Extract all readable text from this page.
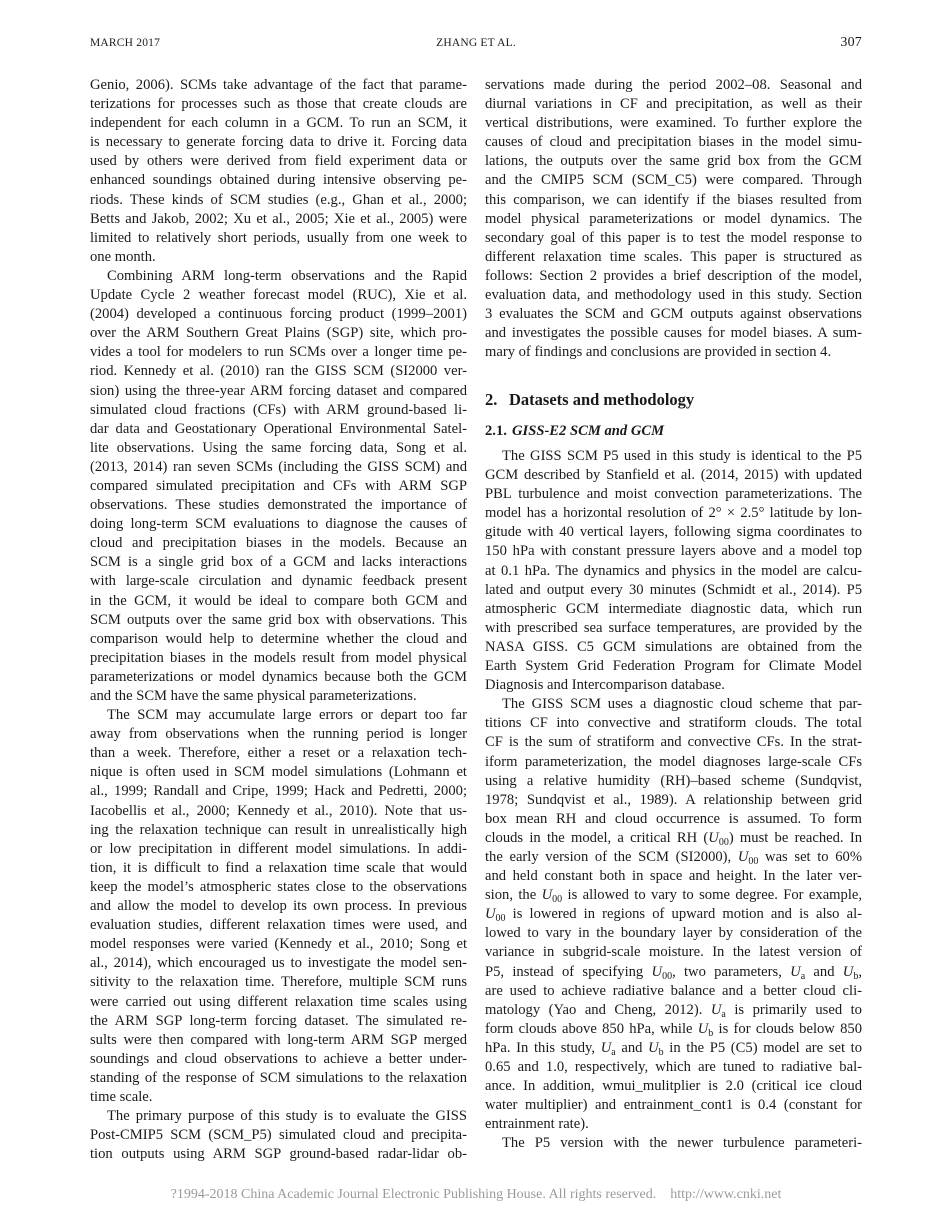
MARCH 2017	ZHANG ET AL.	307
Genio, 2006). SCMs take advantage of the fact that parame-
terizations for processes such as those that create clouds are
independent for each column in a GCM. To run an SCM, it
is necessary to generate forcing data to drive it. Forcing data
used by others were derived from field experiment data or
enhanced soundings obtained during intensive observing pe-
riods. These kinds of SCM studies (e.g., Ghan et al., 2000;
Betts and Jakob, 2002; Xu et al., 2005; Xie et al., 2005) were
limited to relatively short periods, usually from one week to
one month.
Combining ARM long-term observations and the Rapid
Update Cycle 2 weather forecast model (RUC), Xie et al.
(2004) developed a continuous forcing product (1999–2001)
over the ARM Southern Great Plains (SGP) site, which pro-
vides a tool for modelers to run SCMs over a longer time pe-
riod. Kennedy et al. (2010) ran the GISS SCM (SI2000 ver-
sion) using the three-year ARM forcing dataset and compared
simulated cloud fractions (CFs) with ARM ground-based li-
dar data and Geostationary Operational Environmental Satel-
lite observations. Using the same forcing data, Song et al.
(2013, 2014) ran seven SCMs (including the GISS SCM) and
compared simulated precipitation and CFs with ARM SGP
observations. These studies demonstrated the importance of
doing long-term SCM evaluations to diagnose the causes of
cloud and precipitation biases in the models. Because an
SCM is a single grid box of a GCM and lacks interactions
with large-scale circulation and dynamic feedback present
in the GCM, it would be ideal to compare both GCM and
SCM outputs over the same grid box with observations. This
comparison would help to determine whether the cloud and
precipitation biases in the models result from model physical
parameterizations or model dynamics because both the GCM
and the SCM have the same physical parameterizations.
The SCM may accumulate large errors or depart too far
away from observations when the running period is longer
than a week. Therefore, either a reset or a relaxation tech-
nique is often used in SCM model simulations (Lohmann et
al., 1999; Randall and Cripe, 1999; Hack and Pedretti, 2000;
Iacobellis et al., 2000; Kennedy et al., 2010). Note that us-
ing the relaxation technique can result in unrealistically high
or low precipitation in different model simulations. In addi-
tion, it is difficult to find a relaxation time scale that would
keep the model’s atmospheric states close to the observations
and allow the model to develop its own process. In previous
evaluation studies, different relaxation times were used, and
model responses were varied (Kennedy et al., 2010; Song et
al., 2014), which encouraged us to investigate the model sen-
sitivity to the relaxation time. Therefore, multiple SCM runs
were carried out using different relaxation time scales using
the ARM SGP long-term forcing dataset. The simulated re-
sults were then compared with long-term ARM SGP merged
soundings and cloud observations to achieve a better under-
standing of the response of SCM simulations to the relaxation
time scale.
The primary purpose of this study is to evaluate the GISS
Post-CMIP5 SCM (SCM_P5) simulated cloud and precipita-
tion outputs using ARM SGP ground-based radar-lidar ob-
servations made during the period 2002–08. Seasonal and
diurnal variations in CF and precipitation, as well as their
vertical distributions, were examined. To further explore the
causes of cloud and precipitation biases in the model simu-
lations, the outputs over the same grid box from the GCM
and the CMIP5 SCM (SCM_C5) were compared. Through
this comparison, we can identify if the biases resulted from
model physical parameterizations or model dynamics. The
secondary goal of this paper is to test the model response to
different relaxation time scales. This paper is structured as
follows: Section 2 provides a brief description of the model,
evaluation data, and methodology used in this study. Section
3 evaluates the SCM and GCM outputs against observations
and investigates the possible causes for model biases. A sum-
mary of findings and conclusions are provided in section 4.
2. Datasets and methodology
2.1. GISS-E2 SCM and GCM
The GISS SCM P5 used in this study is identical to the P5
GCM described by Stanfield et al. (2014, 2015) with updated
PBL turbulence and moist convection parameterizations. The
model has a horizontal resolution of 2° × 2.5° latitude by lon-
gitude with 40 vertical layers, following sigma coordinates to
150 hPa with constant pressure layers above and a model top
at 0.1 hPa. The dynamics and physics in the model are calcu-
lated and output every 30 minutes (Schmidt et al., 2014). P5
atmospheric GCM intermediate diagnostic data, which run
with prescribed sea surface temperatures, are provided by the
NASA GISS. C5 GCM simulations are obtained from the
Earth System Grid Federation Program for Climate Model
Diagnosis and Intercomparison database.
The GISS SCM uses a diagnostic cloud scheme that par-
titions CF into convective and stratiform clouds. The total
CF is the sum of stratiform and convective CFs. In the strat-
iform parameterization, the model diagnoses large-scale CFs
using a relative humidity (RH)–based scheme (Sundqvist,
1978; Sundqvist et al., 1989). A relationship between grid
box mean RH and cloud occurrence is assumed. To form
clouds in the model, a critical RH $(U_{00})$ must be reached. In
the early version of the SCM (SI2000), $U_{00}$ was set to 60%
and held constant both in space and height. In the later ver-
sion, the $U_{00}$ is allowed to vary to some degree. For example,
$U_{00}$ is lowered in regions of upward motion and is also al-
lowed to vary in the boundary layer by consideration of the
variance in subgrid-scale moisture. In the latest version of
P5, instead of specifying $U_{00}$, two parameters, $U_a$ and $U_b$,
are used to achieve radiative balance and a better cloud cli-
matology (Yao and Cheng, 2012). $U_a$ is primarily used to
form clouds above 850 hPa, while $U_b$ is for clouds below 850
hPa. In this study, $U_a$ and $U_b$ in the P5 (C5) model are set to
0.65 and 1.0, respectively, which are tuned to radiative bal-
ance. In addition, wmui_mulitplier is 2.0 (critical ice cloud
water multiplier) and entrainment_cont1 is 0.4 (constant for
entrainment rate).
The P5 version with the newer turbulence parameteri-
?1994-2018 China Academic Journal Electronic Publishing House. All rights reserved.    http://www.cnki.net
